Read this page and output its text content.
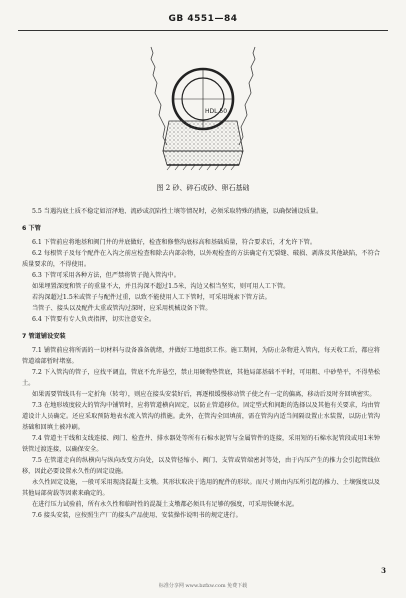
GB 4551—84
HDL 50
图 2 砂、碎石或砂、卵石基础

5.5 当遇沟底土质不稳定如沼泽地、流砂或沉陷性土壤等情况时，必须采取特殊的措施，以确保铺设质量。

6 下管

6.1 下管前应将地基和阀门井的井底做好，检查和修整沟底标高和基础质量，符合要求后，才允许下管。

6.2 每根管子及每个配件在入沟之前应检查和除去内部杂物，以外观检查的方法确定有无裂缝、破损、剥落及其他缺陷，不符合质量要求的，不得使用。

6.3 下管可采用各种方法，但严禁将管子抛入管沟中。

如果埋置深度和管子的重量不大，并且沟深不超过1.5米，沟边又相当坚实，则可用人工下管。

若沟深超过1.5米或管子与配件过重，以致不能使用人工下管时，可采用绳索下管方法。

当管子、接头以及配件太重或管沟过深时，应采用机械设备下管。

6.4 下管要有专人负责指挥，切实注意安全。

7 管道铺设安装

7.1 铺管前应将所需的一切材料与设备准备就绪，并做好工地组织工作。施工期间，为防止杂物进入管内，每天收工后，都应将管道端部暂时堵塞。

7.2 下入管沟的管子，应找平调直，管底不允许悬空，禁止用硬物垫管底，其他局部基础不平时，可用粗、中砂垫平，不得垫松土。

如果需要管线具有一定折角（转弯），则应在接头安装好后，再逐根缓慢移动管子使之有一定的偏离，移动后及时夯回填密实。

7.3 在地形坡度较大的管沟中铺管时，应将管道横向固定，以防止管道移位。固定型式和间距的选择以及其他有关要求，均由管道设计人员确定。还应采取预防地表水流入管沟的措施。此外，在管沟全回填前，需在管沟内适当间隔设置止水装置，以防止管沟基础和回填土被冲刷。

7.4 管道主干线和支线连接、阀门、检查井、排水器处等所有石棉水泥管与金属管件的连接，采用短的石棉水泥管段或用1米钟铁管过渡连接，以确保安全。

7.5 在管道走向的纵横向与纵向改变方向处，以及管径缩小、阀门、支管或管端密封等处，由于内压产生的推力会引起管线位移，因此必要设置永久性的固定设施。

永久性固定设施，一般可采用现浇混凝土支墩。其形状取决于选用的配件的形状。而尺寸则由内压所引起的推力、土壤强度以及其他局部荷载等因素来确定的。

在进行压力试验前，所有永久性和临时性的混凝土支墩都必须具有足够的强度，可采用快硬水泥。

7.6 接头安装，应按照生产厂的接头产品使用、安装操作说明书的规定进行。

3
标准分享网 www.bzfxw.com 免费下载
